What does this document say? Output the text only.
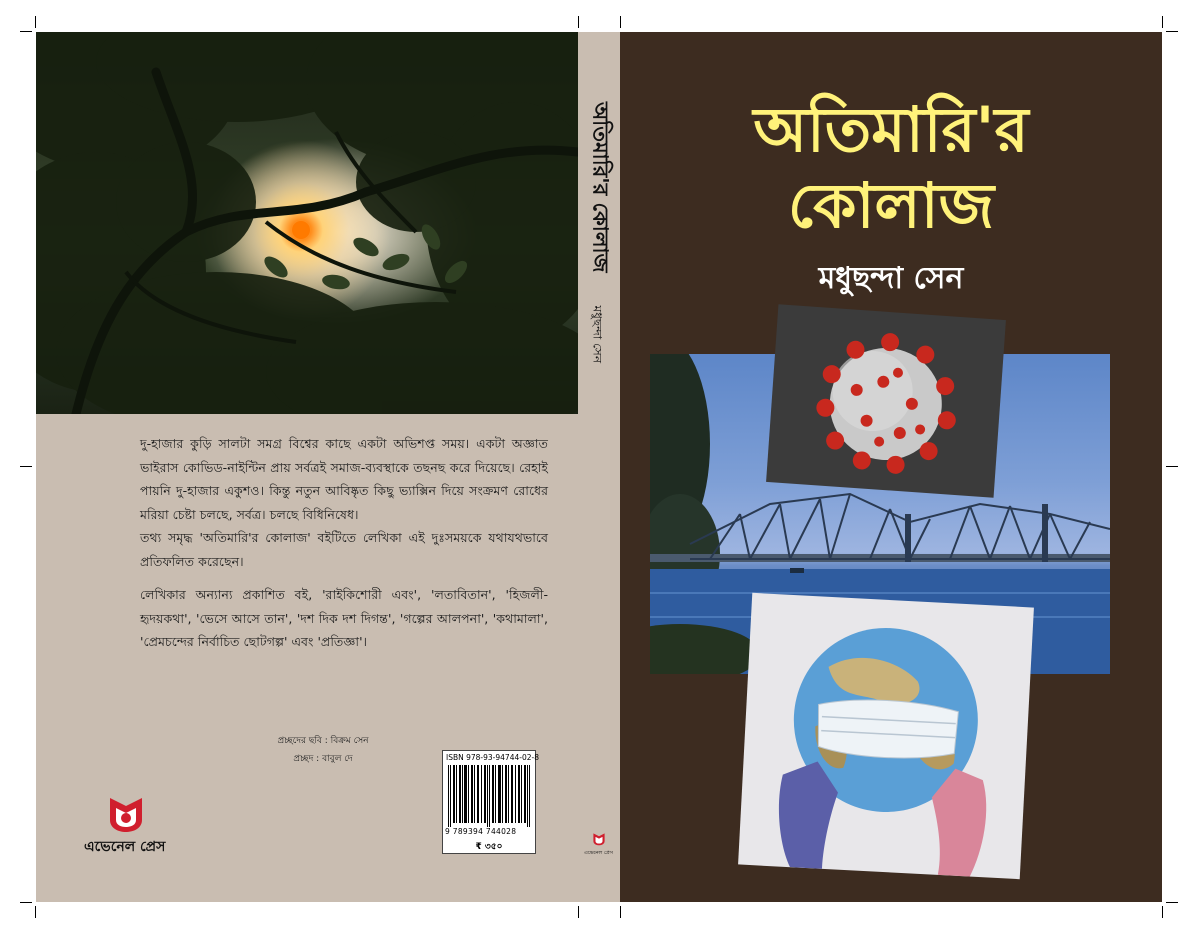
দু-হাজার কুড়ি সালটা সমগ্র বিশ্বের কাছে একটা অভিশপ্ত সময়। একটা অজ্ঞাত ভাইরাস কোভিড-নাইন্টিন প্রায় সর্বত্রই সমাজ-ব্যবস্থাকে তছনছ করে দিয়েছে। রেহাই পায়নি দু-হাজার একুশও। কিন্তু নতুন আবিষ্কৃত কিছু ভ্যাক্সিন দিয়ে সংক্রমণ রোধের মরিয়া চেষ্টা চলছে, সর্বত্র। চলছে বিধিনিষেধ।

তথ্য সমৃদ্ধ 'অতিমারি'র কোলাজ' বইটিতে লেখিকা এই দুঃসময়কে যথাযথভাবে প্রতিফলিত করেছেন।

লেখিকার অন্যান্য প্রকাশিত বই, 'রাইকিশোরী এবং', 'লতাবিতান', 'হিজলী-হৃদয়কথা', 'ভেসে আসে তান', 'দশ দিক দশ দিগন্ত', 'গল্পের আলপনা', 'কথামালা', 'প্রেমচন্দের নির্বাচিত ছোটগল্প' এবং 'প্রতিজ্ঞা'।

প্রচ্ছদের ছবি : বিক্রম সেন
প্রচ্ছদ : বাবুল দে
এভেনেল প্রেস
ISBN 978-93-94744-02-8
9 789394 744028
₹ ৩৫০
অতিমারি'র কোলাজ মধুছন্দা সেন
এভেনেল প্রেস
অতিমারি'র
কোলাজ
মধুছন্দা সেন
